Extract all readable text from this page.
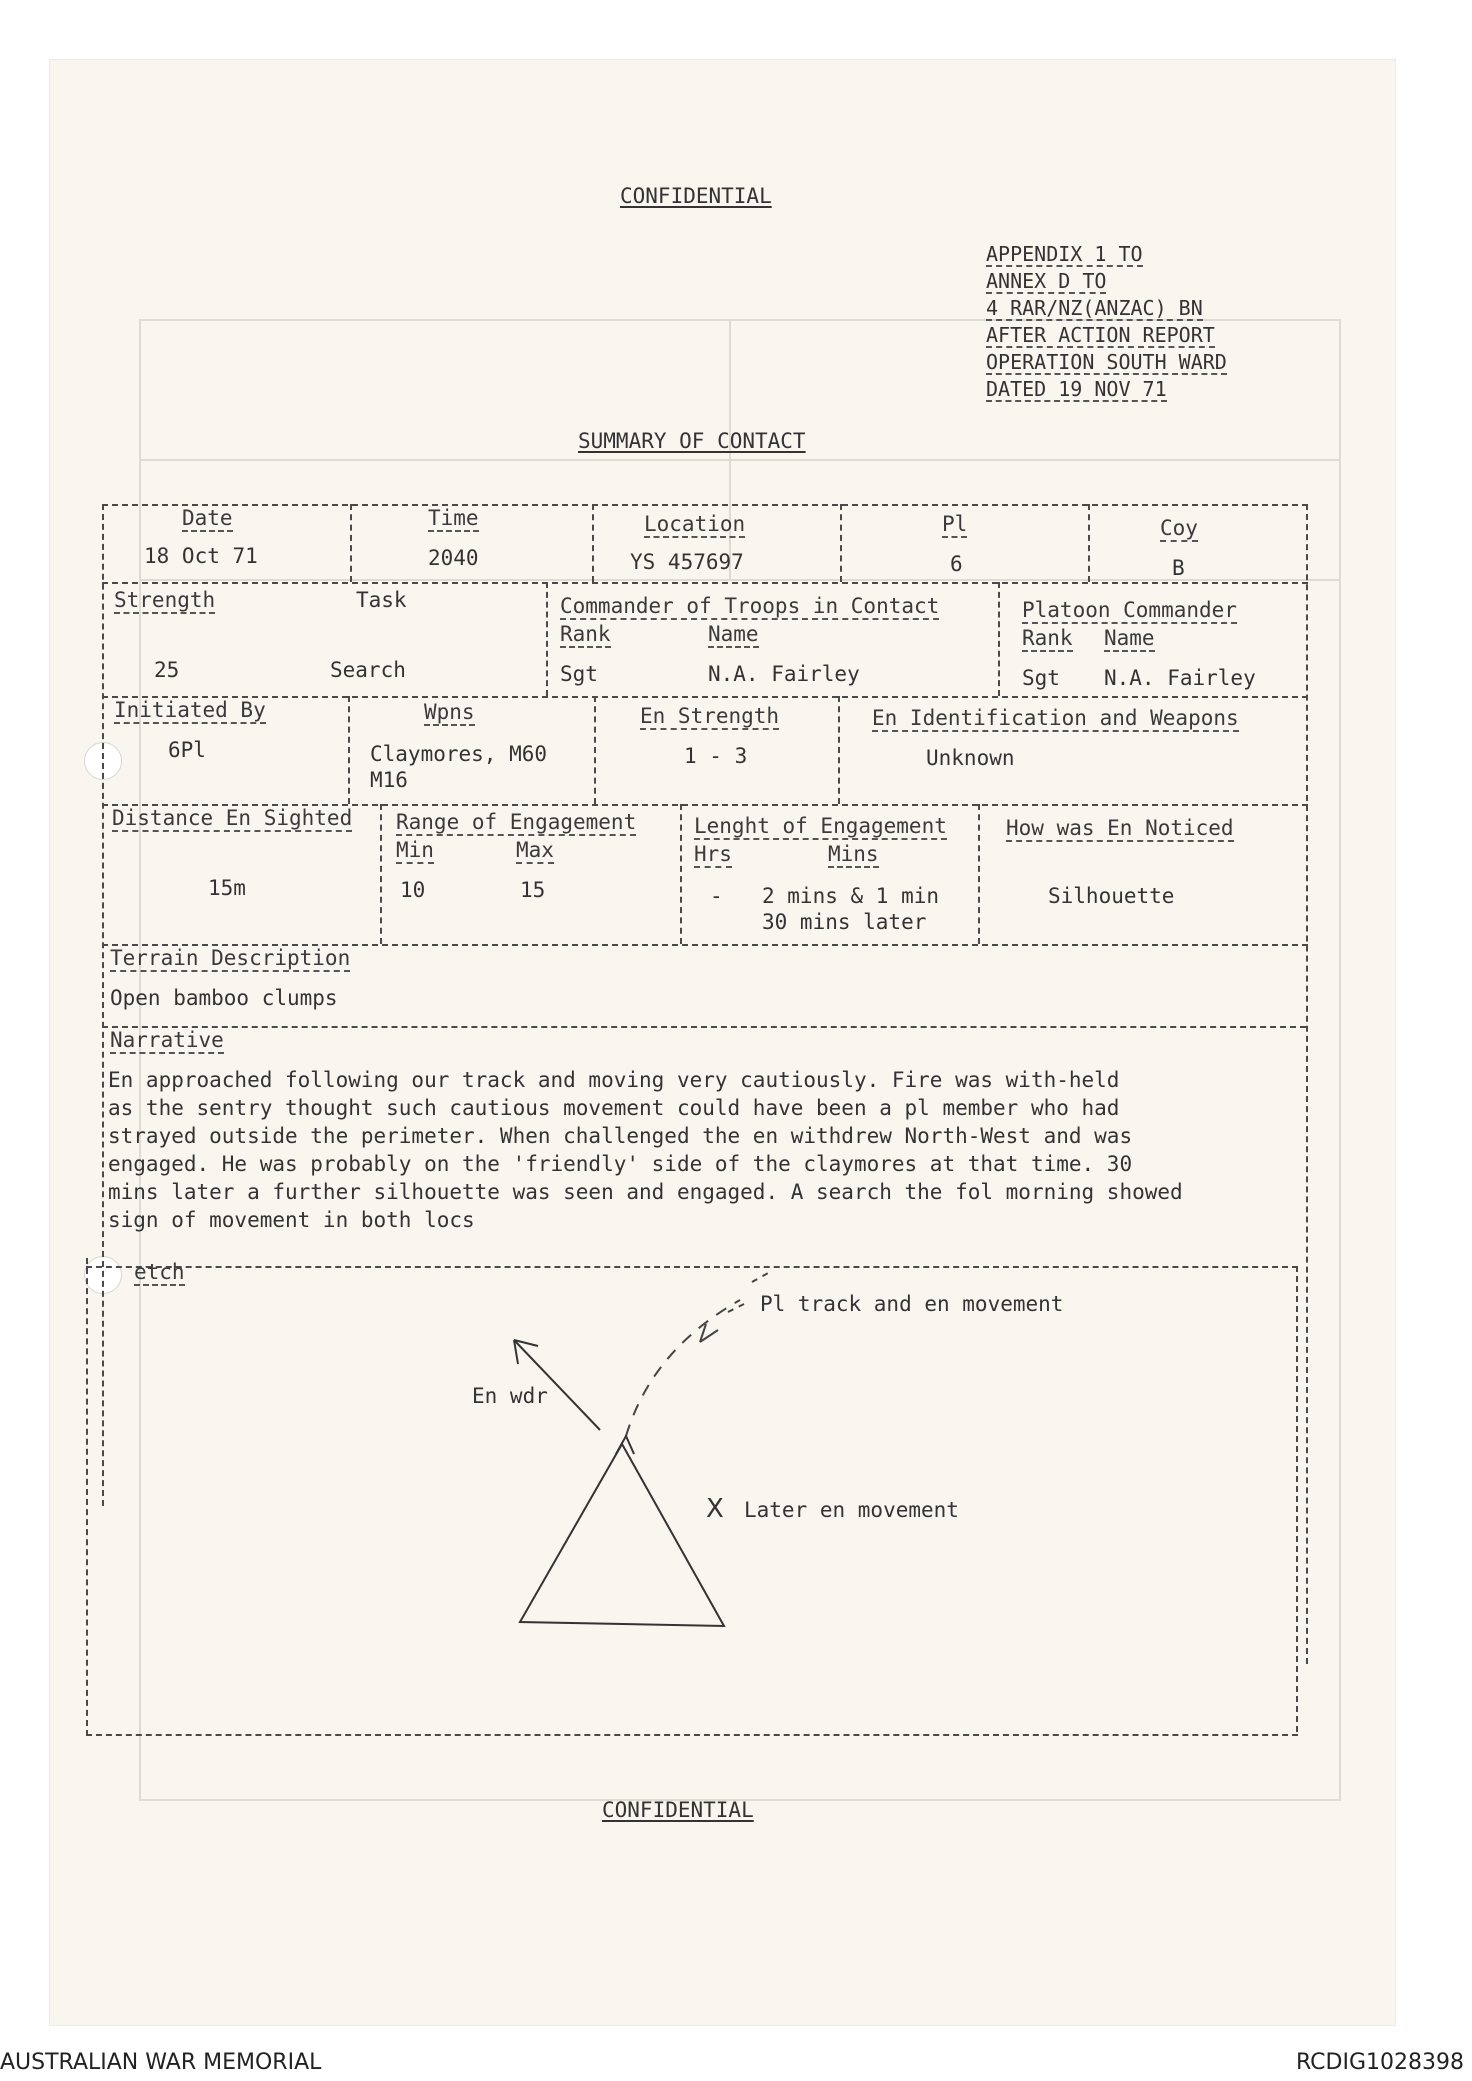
CONFIDENTIAL
APPENDIX 1 TO
ANNEX D TO
4 RAR/NZ(ANZAC) BN
AFTER ACTION REPORT
OPERATION SOUTH WARD
DATED 19 NOV 71
SUMMARY OF CONTACT
Date
18 Oct 71
Time
2040
Location
YS 457697
Pl
6
Coy
B
Strength
25
Task
Search
Commander of Troops in Contact
Rank	Name
Sgt	N.A. Fairley
Platoon Commander
Rank Name
Sgt N.A. Fairley
Initiated By
6Pl
Wpns
Claymores, M60
M16
En Strength
1 - 3
En Identification and Weapons
Unknown
Distance En Sighted
15m
Range of Engagement
Min	Max
10	15
Lenght of Engagement
Hrs	Mins
- 2 mins & 1 min
30 mins later
How was En Noticed
Silhouette
Terrain Description
Open bamboo clumps
Narrative
En approached following our track and moving very cautiously. Fire was with-held
as the sentry thought such cautious movement could have been a pl member who had
strayed outside the perimeter. When challenged the en withdrew North-West and was
engaged. He was probably on the 'friendly' side of the claymores at that time. 30
mins later a further silhouette was seen and engaged. A search the fol morning showed
sign of movement in both locs
etch
Pl track and en movement
En wdr
X Later en movement
CONFIDENTIAL
AUSTRALIAN WAR MEMORIAL	RCDIG1028398
